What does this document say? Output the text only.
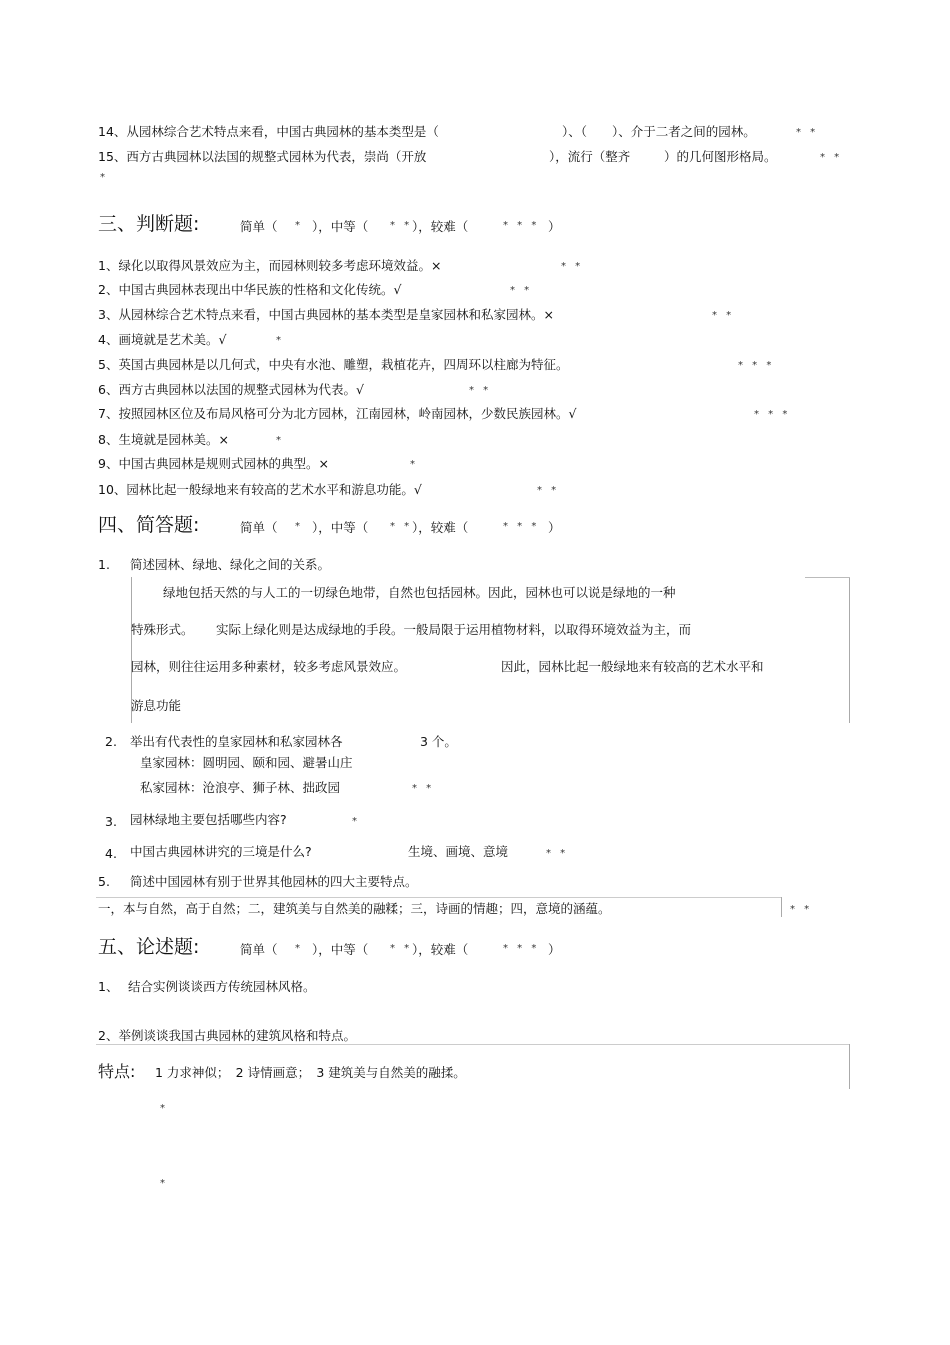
14、从园林综合艺术特点来看，中国古典园林的基本类型是（	）、（ ）、介于二者之间的园林。	* *
15、西方古典园林以法国的规整式园林为代表，崇尚（开放	），流行（整齐	）的几何图形格局。	* *
*
三、判断题:	简单（ * ），中等（ * * ），较难（	* * * ）
1、绿化以取得风景效应为主，而园林则较多考虑环境效益。×	* *
2、中国古典园林表现出中华民族的性格和文化传统。√	* *
3、从园林综合艺术特点来看，中国古典园林的基本类型是皇家园林和私家园林。×	* *
4、画境就是艺术美。√	*
5、英国古典园林是以几何式，中央有水池、雕塑，栽植花卉，四周环以柱廊为特征。	* * *
6、西方古典园林以法国的规整式园林为代表。√	* *
7、按照园林区位及布局风格可分为北方园林，江南园林，岭南园林，少数民族园林。√	* * *
8、生境就是园林美。×	*
9、中国古典园林是规则式园林的典型。×	*
10、园林比起一般绿地来有较高的艺术水平和游息功能。√	* *
四、简答题:	简单（ * ），中等（ * * ），较难（	* * * ）
1. 简述园林、绿地、绿化之间的关系。
绿地包括天然的与人工的一切绿色地带，自然也包括园林。因此，园林也可以说是绿地的一种
特殊形式。 实际上绿化则是达成绿地的手段。一般局限于运用植物材料，以取得环境效益为主，而
园林，则往往运用多种素材，较多考虑风景效应。	因此，园林比起一般绿地来有较高的艺术水平和
游息功能
2. 举出有代表性的皇家园林和私家园林各	3 个。
皇家园林：圆明园、颐和园、避暑山庄
私家园林：沧浪亭、狮子林、拙政园	* *
3. 园林绿地主要包括哪些内容?	*
4. 中国古典园林讲究的三境是什么?	生境、画境、意境	* *
5. 简述中国园林有别于世界其他园林的四大主要特点。
一，本与自然，高于自然；二，建筑美与自然美的融糅；三，诗画的情趣；四，意境的涵蕴。	* *
五、论述题:	简单（ * ），中等（ * * ），较难（	* * * ）
1、 结合实例谈谈西方传统园林风格。
2、举例谈谈我国古典园林的建筑风格和特点。
特点: 1 力求神似；　2 诗情画意；　3 建筑美与自然美的融揉。
*
*
